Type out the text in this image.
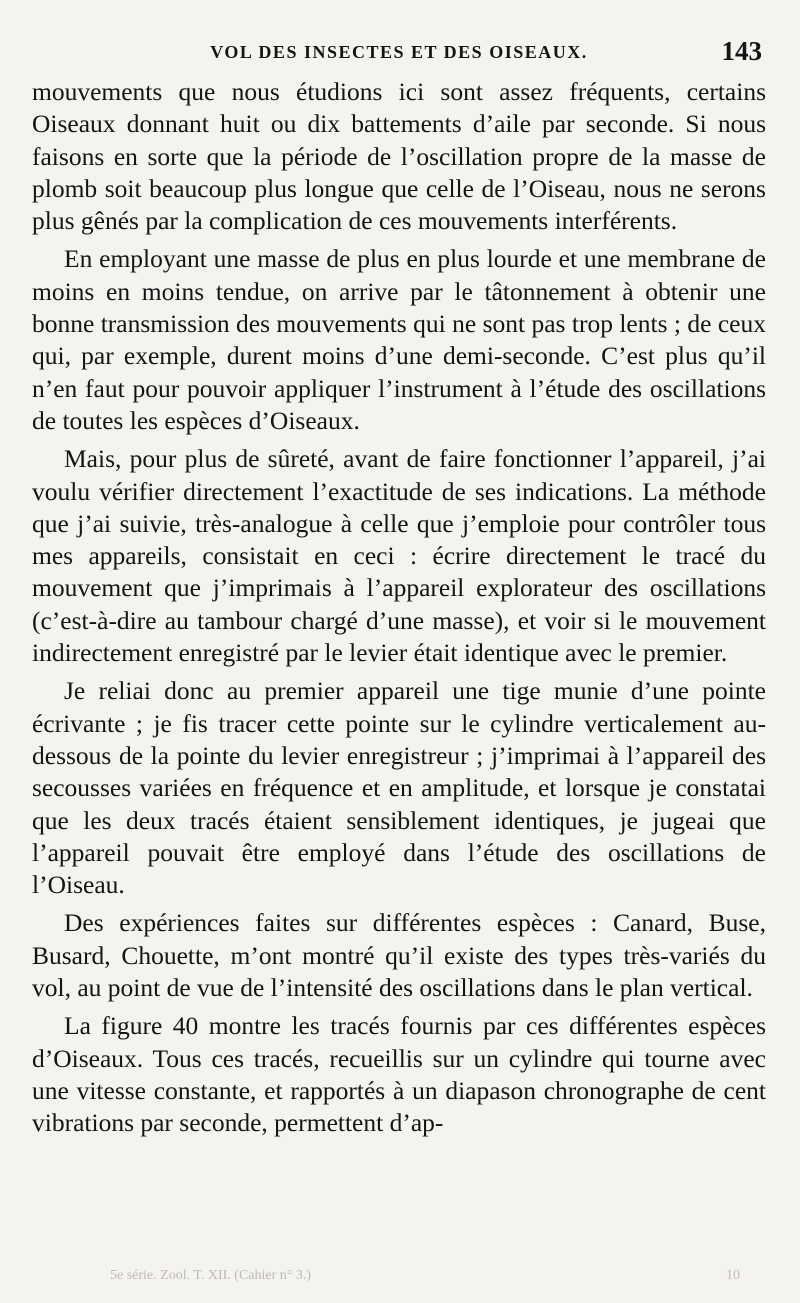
VOL DES INSECTES ET DES OISEAUX.	143

mouvements que nous étudions ici sont assez fréquents, certains Oiseaux donnant huit ou dix battements d’aile par seconde. Si nous faisons en sorte que la période de l’oscillation propre de la masse de plomb soit beaucoup plus longue que celle de l’Oiseau, nous ne serons plus gênés par la complication de ces mouvements interférents.

En employant une masse de plus en plus lourde et une membrane de moins en moins tendue, on arrive par le tâtonnement à obtenir une bonne transmission des mouvements qui ne sont pas trop lents ; de ceux qui, par exemple, durent moins d’une demi-seconde. C’est plus qu’il n’en faut pour pouvoir appliquer l’instrument à l’étude des oscillations de toutes les espèces d’Oiseaux.

Mais, pour plus de sûreté, avant de faire fonctionner l’appareil, j’ai voulu vérifier directement l’exactitude de ses indications. La méthode que j’ai suivie, très-analogue à celle que j’emploie pour contrôler tous mes appareils, consistait en ceci : écrire directement le tracé du mouvement que j’imprimais à l’appareil explorateur des oscillations (c’est-à-dire au tambour chargé d’une masse), et voir si le mouvement indirectement enregistré par le levier était identique avec le premier.

Je reliai donc au premier appareil une tige munie d’une pointe écrivante ; je fis tracer cette pointe sur le cylindre verticalement au-dessous de la pointe du levier enregistreur ; j’imprimai à l’appareil des secousses variées en fréquence et en amplitude, et lorsque je constatai que les deux tracés étaient sensiblement identiques, je jugeai que l’appareil pouvait être employé dans l’étude des oscillations de l’Oiseau.

Des expériences faites sur différentes espèces : Canard, Buse, Busard, Chouette, m’ont montré qu’il existe des types très-variés du vol, au point de vue de l’intensité des oscillations dans le plan vertical.

La figure 40 montre les tracés fournis par ces différentes espèces d’Oiseaux. Tous ces tracés, recueillis sur un cylindre qui tourne avec une vitesse constante, et rapportés à un diapason chronographe de cent vibrations par seconde, permettent d’ap-

5e série. Zool. T. XII. (Cahier n° 3.)	10
